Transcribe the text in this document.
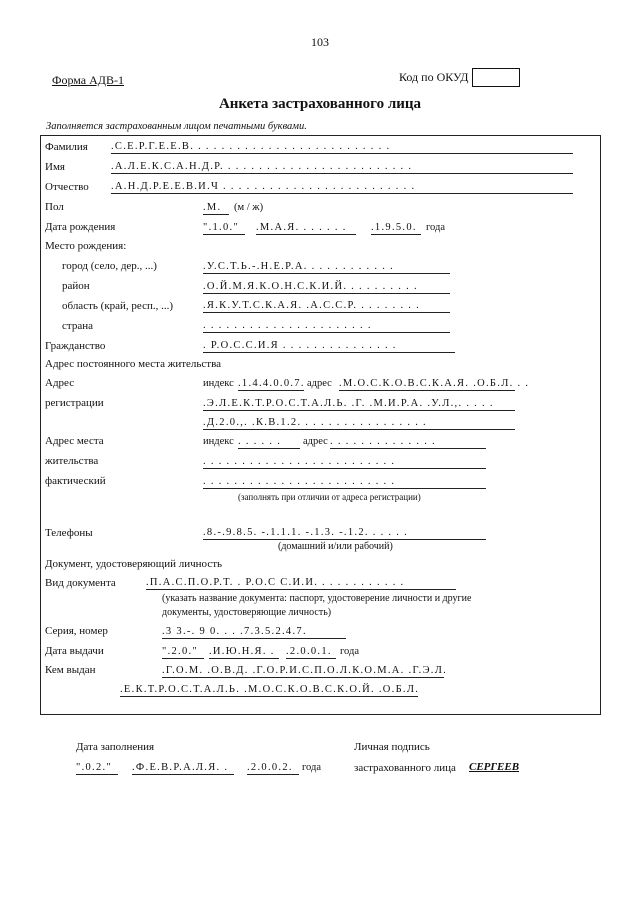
103
Форма АДВ-1	Код по ОКУД
Анкета застрахованного лица
Заполняется застрахованным лицом печатными буквами.
Фамилия .С.Е.Р.Г.Е.Е.В. . . . . . . . . . . . . . . . . . . . . . . . . .
Имя	.А.Л.Е.К.С.А.Н.Д.Р. . . . . . . . . . . . . . . . . . . . . . . . .
Отчество .А.Н.Д.Р.Е.Е.В.И.Ч . . . . . . . . . . . . . . . . . . . . . . . . .
Пол	.М.	(м / ж)
Дата рождения	".1.0."	.М.А.Я. . . . . . .	.1.9.5.0. года
Место рождения:
город (село, дер., ...)	.У.С.Т.Ь.-.Н.Е.Р.А. . . . . . . . . . . .
район	.О.Й.М.Я.К.О.Н.С.К.И.Й. . . . . . . . . .
область (край, респ., ...)	.Я.К.У.Т.С.К.А.Я. .А.С.С.Р. . . . . . . . .
страна	. . . . . . . . . . . . . . . . . . . . . .
Гражданство	. Р.О.С.С.И.Я . . . . . . . . . . . . . . .
Адрес постоянного места жительства
Адрес
регистрации
индекс .1.4.4.0.0.7. адрес .М.О.С.К.О.В.С.К.А.Я. .О.Б.Л. . .
.Э.Л.Е.К.Т.Р.О.С.Т.А.Л.Ь. .Г. .М.И.Р.А. .У.Л.,. . . . .
.Д.2.0.,. .К.В.1.2. . . . . . . . . . . . . . . . .
Адрес места
жительства
фактический
индекс . . . . . .	адрес . . . . . . . . . . . . . .
. . . . . . . . . . . . . . . . . . . . . . . . .
. . . . . . . . . . . . . . . . . . . . . . . . .
(заполнять при отличии от адреса регистрации)
Телефоны	.8.-.9.8.5. -.1.1.1. -.1.3. -.1.2. . . . . .
(домашний и/или рабочий)
Документ, удостоверяющий личность
Вид документа	.П.А.С.П.О.Р.Т. . Р.О.С С.И.И. . . . . . . . . . . .
(указать название документа: паспорт, удостоверение личности и другие
документы, удостоверяющие личность)
Серия, номер	.3 3.-. 9 0. . . .7.3.5.2.4.7.
Дата выдачи	".2.0."	.И.Ю.Н.Я. .	.2.0.0.1. года
Кем выдан	.Г.О.М. .О.В.Д. .Г.О.Р.И.С.П.О.Л.К.О.М.А. .Г.Э.Л.
.Е.К.Т.Р.О.С.Т.А.Л.Ь. .М.О.С.К.О.В.С.К.О.Й. .О.Б.Л.
Дата заполнения
".0.2."	.Ф.Е.В.Р.А.Л.Я. .	.2.0.0.2. года
Личная подпись
застрахованного лица СЕРГЕЕВ
